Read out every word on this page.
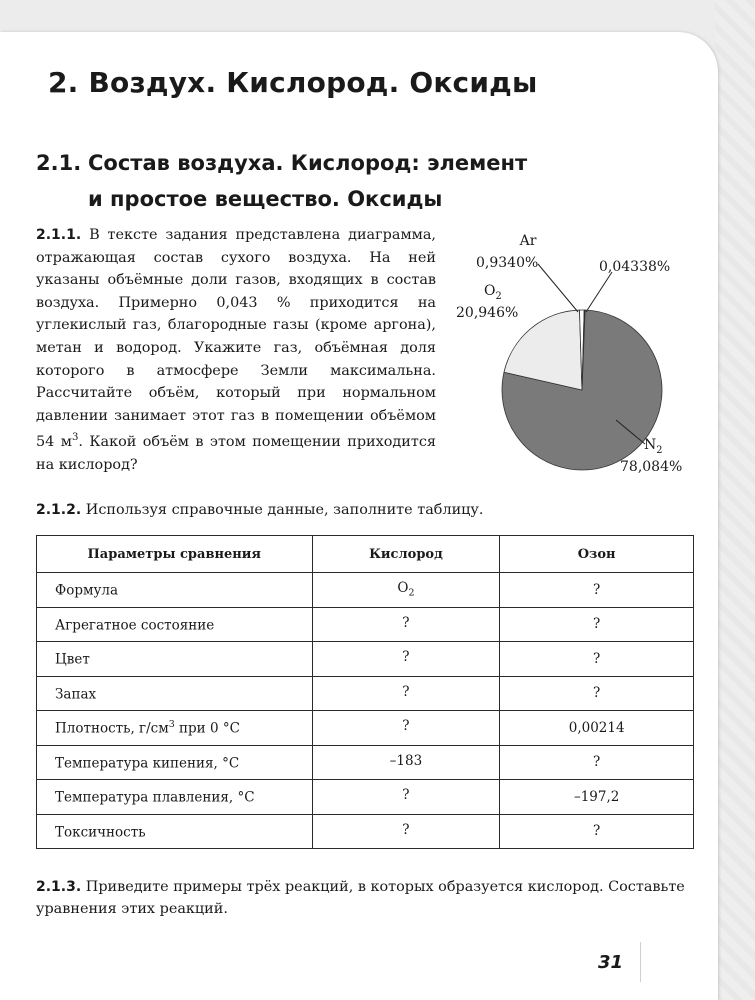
2. Воздух. Кислород. Оксиды
2.1. Состав воздуха. Кислород: элемент
и простое вещество. Оксиды
2.1.1. В тексте задания представлена диаграмма, отражающая состав сухого воздуха. На ней указаны объёмные доли газов, входящих в состав воздуха. Примерно 0,043 % приходится на углекислый газ, благородные газы (кроме аргона), метан и водород. Укажите газ, объёмная доля которого в атмосфере Земли максимальна. Рассчитайте объём, который при нормальном давлении занимает этот газ в помещении объёмом 54 $м^3$. Какой объём в этом помещении приходится на кислород?
Ar
0,9340%	0,04338%
$O_2$
20,946%
$N_2$
78,084%
2.1.2. Используя справочные данные, заполните таблицу.
Параметры сравнения	Кислород	Озон
Формула	$O_2$	?
Агрегатное состояние	?	?
Цвет	?	?
Запах	?	?
Плотность, $г/см^3$ при 0 °С	?	0,00214
Температура кипения, °С	–183	?
Температура плавления, °С	?	–197,2
Токсичность	?	?
2.1.3. Приведите примеры трёх реакций, в которых образуется кислород. Составьте уравнения этих реакций.
31
